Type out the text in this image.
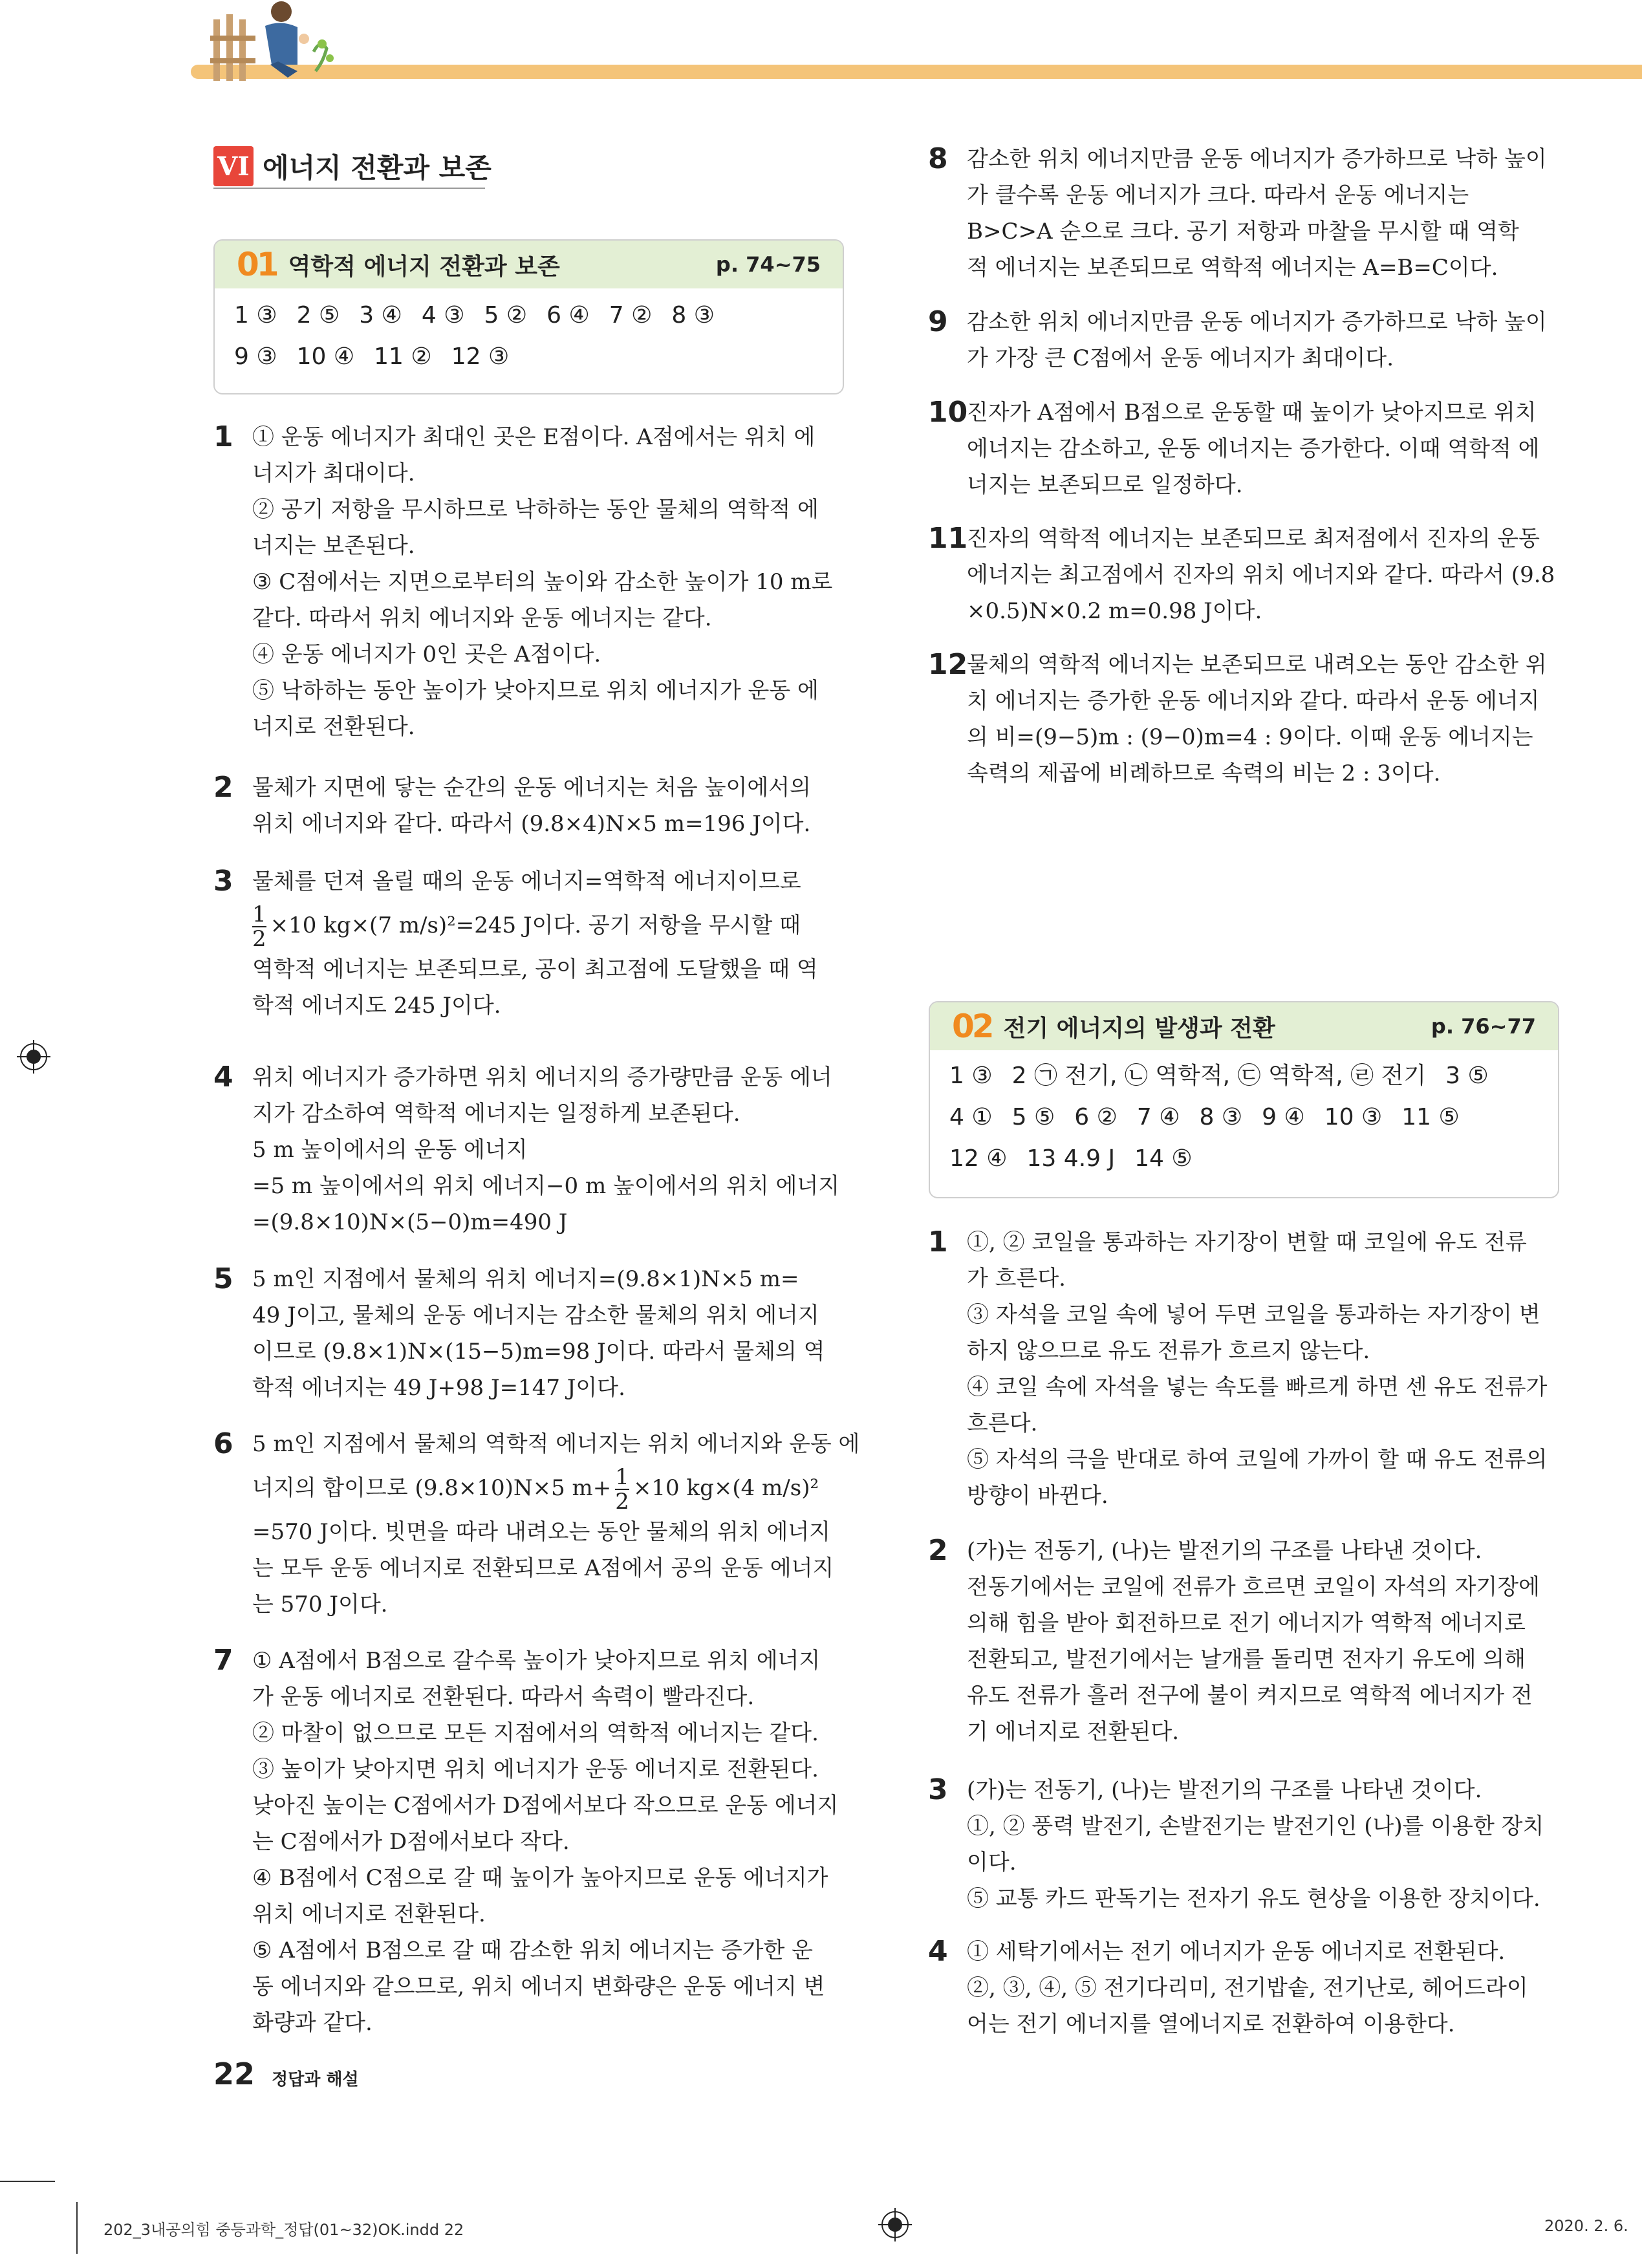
VI 에너지 전환과 보존
01 역학적 에너지 전환과 보존	p. 74~75
1 ③ 2 ⑤ 3 ④ 4 ③ 5 ② 6 ④ 7 ② 8 ③
9 ③ 10 ④ 11 ② 12 ③
1 ① 운동 에너지가 최대인 곳은 E점이다. A점에서는 위치 에

너지가 최대이다.

② 공기 저항을 무시하므로 낙하하는 동안 물체의 역학적 에

너지는 보존된다.

③ C점에서는 지면으로부터의 높이와 감소한 높이가 10 m로

같다. 따라서 위치 에너지와 운동 에너지는 같다.

④ 운동 에너지가 0인 곳은 A점이다.

⑤ 낙하하는 동안 높이가 낮아지므로 위치 에너지가 운동 에

너지로 전환된다.

2 물체가 지면에 닿는 순간의 운동 에너지는 처음 높이에서의

위치 에너지와 같다. 따라서 (9.8×4)N×5 m=196 J이다.

3 물체를 던져 올릴 때의 운동 에너지=역학적 에너지이므로

$\frac{1}{2} \times 10$ kg×(7 m/s)²=245 J이다. 공기 저항을 무시할 때

역학적 에너지는 보존되므로, 공이 최고점에 도달했을 때 역

학적 에너지도 245 J이다.

4 위치 에너지가 증가하면 위치 에너지의 증가량만큼 운동 에너

지가 감소하여 역학적 에너지는 일정하게 보존된다.

5 m 높이에서의 운동 에너지

=5 m 높이에서의 위치 에너지−0 m 높이에서의 위치 에너지

=(9.8×10)N×(5−0)m=490 J

5 5 m인 지점에서 물체의 위치 에너지=(9.8×1)N×5 m=

49 J이고, 물체의 운동 에너지는 감소한 물체의 위치 에너지

이므로 (9.8×1)N×(15−5)m=98 J이다. 따라서 물체의 역

학적 에너지는 49 J+98 J=147 J이다.

6 5 m인 지점에서 물체의 역학적 에너지는 위치 에너지와 운동 에

너지의 합이므로 (9.8×10)N×5 $m+ \frac{1}{2} \times 10$ kg×(4 m/s)²

=570 J이다. 빗면을 따라 내려오는 동안 물체의 위치 에너지

는 모두 운동 에너지로 전환되므로 A점에서 공의 운동 에너지

는 570 J이다.

7 ① A점에서 B점으로 갈수록 높이가 낮아지므로 위치 에너지

가 운동 에너지로 전환된다. 따라서 속력이 빨라진다.

② 마찰이 없으므로 모든 지점에서의 역학적 에너지는 같다.

③ 높이가 낮아지면 위치 에너지가 운동 에너지로 전환된다.

낮아진 높이는 C점에서가 D점에서보다 작으므로 운동 에너지

는 C점에서가 D점에서보다 작다.

④ B점에서 C점으로 갈 때 높이가 높아지므로 운동 에너지가

위치 에너지로 전환된다.

⑤ A점에서 B점으로 갈 때 감소한 위치 에너지는 증가한 운

동 에너지와 같으므로, 위치 에너지 변화량은 운동 에너지 변

화량과 같다.

8 감소한 위치 에너지만큼 운동 에너지가 증가하므로 낙하 높이

가 클수록 운동 에너지가 크다. 따라서 운동 에너지는

B>C>A 순으로 크다. 공기 저항과 마찰을 무시할 때 역학

적 에너지는 보존되므로 역학적 에너지는 A=B=C이다.

9 감소한 위치 에너지만큼 운동 에너지가 증가하므로 낙하 높이

가 가장 큰 C점에서 운동 에너지가 최대이다.

10

진자가 A점에서 B점으로 운동할 때 높이가 낮아지므로 위치

에너지는 감소하고, 운동 에너지는 증가한다. 이때 역학적 에

너지는 보존되므로 일정하다.

11

진자의 역학적 에너지는 보존되므로 최저점에서 진자의 운동

에너지는 최고점에서 진자의 위치 에너지와 같다. 따라서 (9.8

×0.5)N×0.2 m=0.98 J이다.

12

물체의 역학적 에너지는 보존되므로 내려오는 동안 감소한 위

치 에너지는 증가한 운동 에너지와 같다. 따라서 운동 에너지

의 비=(9−5)m : (9−0)m=4 : 9이다. 이때 운동 에너지는

속력의 제곱에 비례하므로 속력의 비는 2 : 3이다.

02 전기 에너지의 발생과 전환	p. 76~77
1 ③ 2 ㉠ 전기, ㉡ 역학적, ㉢ 역학적, ㉣ 전기 3 ⑤
4 ① 5 ⑤ 6 ② 7 ④ 8 ③ 9 ④ 10 ③ 11 ⑤
12 ④ 13 4.9 J 14 ⑤
1 ①, ② 코일을 통과하는 자기장이 변할 때 코일에 유도 전류

가 흐른다.

③ 자석을 코일 속에 넣어 두면 코일을 통과하는 자기장이 변

하지 않으므로 유도 전류가 흐르지 않는다.

④ 코일 속에 자석을 넣는 속도를 빠르게 하면 센 유도 전류가

흐른다.

⑤ 자석의 극을 반대로 하여 코일에 가까이 할 때 유도 전류의

방향이 바뀐다.

2 (가)는 전동기, (나)는 발전기의 구조를 나타낸 것이다.

전동기에서는 코일에 전류가 흐르면 코일이 자석의 자기장에

의해 힘을 받아 회전하므로 전기 에너지가 역학적 에너지로

전환되고, 발전기에서는 날개를 돌리면 전자기 유도에 의해

유도 전류가 흘러 전구에 불이 켜지므로 역학적 에너지가 전

기 에너지로 전환된다.

3 (가)는 전동기, (나)는 발전기의 구조를 나타낸 것이다.

①, ② 풍력 발전기, 손발전기는 발전기인 (나)를 이용한 장치

이다.

⑤ 교통 카드 판독기는 전자기 유도 현상을 이용한 장치이다.

4 ① 세탁기에서는 전기 에너지가 운동 에너지로 전환된다.

②, ③, ④, ⑤ 전기다리미, 전기밥솥, 전기난로, 헤어드라이

어는 전기 에너지를 열에너지로 전환하여 이용한다.

22 정답과 해설
202_3내공의힘 중등과학_정답(01~32)OK.indd 22	2020. 2. 6.
